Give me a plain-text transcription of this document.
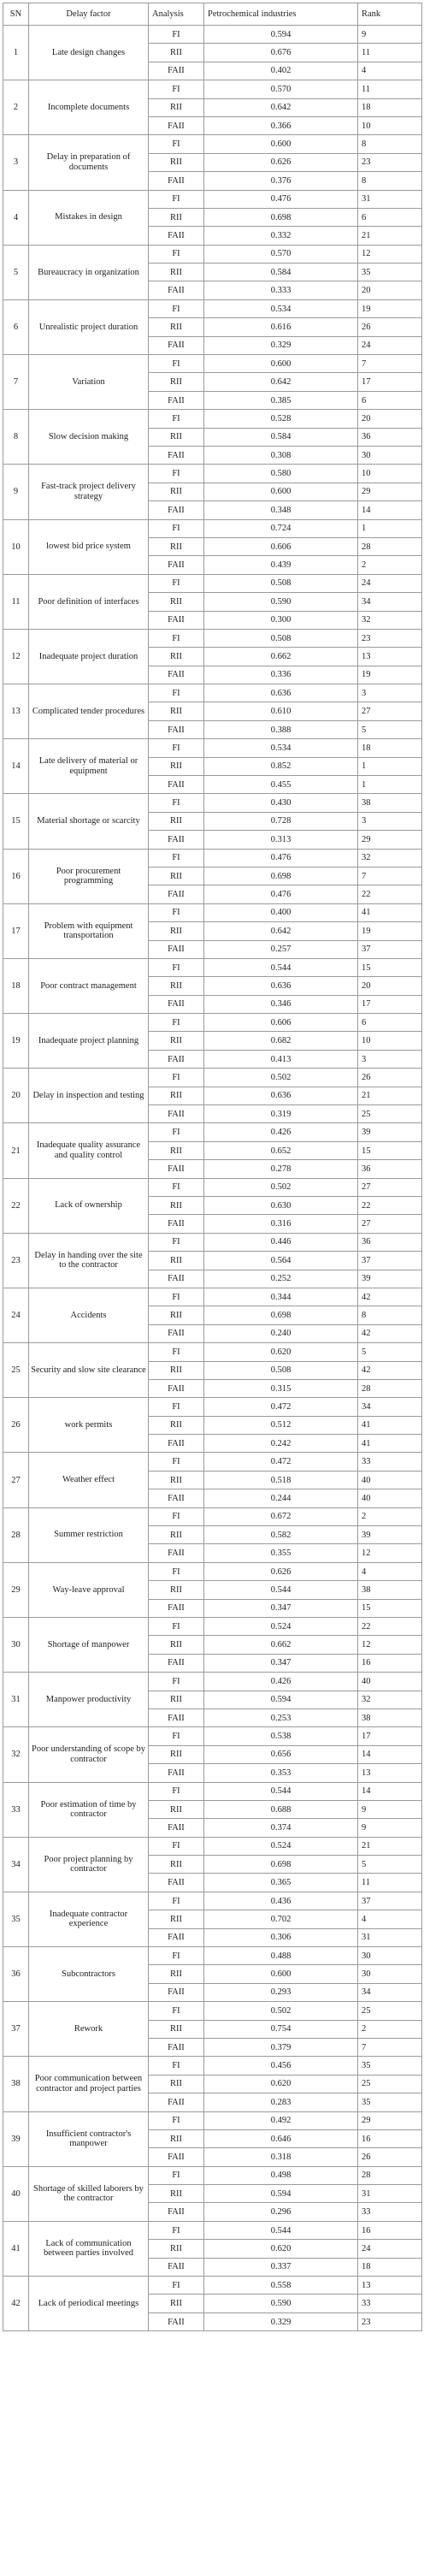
SN	Delay factor	Analysis	Petrochemical industries	Rank
1	Late design changes	FI	0.594	9
		RII	0.676	11
		FAII	0.402	4
2	Incomplete documents	FI	0.570	11
		RII	0.642	18
		FAII	0.366	10
3	Delay in preparation of documents	FI	0.600	8
		RII	0.626	23
		FAII	0.376	8
4	Mistakes in design	FI	0.476	31
		RII	0.698	6
		FAII	0.332	21
5	Bureaucracy in organization	FI	0.570	12
		RII	0.584	35
		FAII	0.333	20
6	Unrealistic project duration	FI	0.534	19
		RII	0.616	26
		FAII	0.329	24
7	Variation	FI	0.600	7
		RII	0.642	17
		FAII	0.385	6
8	Slow decision making	FI	0.528	20
		RII	0.584	36
		FAII	0.308	30
9	Fast-track project delivery strategy	FI	0.580	10
		RII	0.600	29
		FAII	0.348	14
10	lowest bid price system	FI	0.724	1
		RII	0.606	28
		FAII	0.439	2
11	Poor definition of interfaces	FI	0.508	24
		RII	0.590	34
		FAII	0.300	32
12	Inadequate project duration	FI	0.508	23
		RII	0.662	13
		FAII	0.336	19
13	Complicated tender procedures	FI	0.636	3
		RII	0.610	27
		FAII	0.388	5
14	Late delivery of material or equipment	FI	0.534	18
		RII	0.852	1
		FAII	0.455	1
15	Material shortage or scarcity	FI	0.430	38
		RII	0.728	3
		FAII	0.313	29
16	Poor procurement programming	FI	0.476	32
		RII	0.698	7
		FAII	0.476	22
17	Problem with equipment transportation	FI	0.400	41
		RII	0.642	19
		FAII	0.257	37
18	Poor contract management	FI	0.544	15
		RII	0.636	20
		FAII	0.346	17
19	Inadequate project planning	FI	0.606	6
		RII	0.682	10
		FAII	0.413	3
20	Delay in inspection and testing	FI	0.502	26
		RII	0.636	21
		FAII	0.319	25
21	Inadequate quality assurance and quality control	FI	0.426	39
		RII	0.652	15
		FAII	0.278	36
22	Lack of ownership	FI	0.502	27
		RII	0.630	22
		FAII	0.316	27
23	Delay in handing over the site to the contractor	FI	0.446	36
		RII	0.564	37
		FAII	0.252	39
24	Accidents	FI	0.344	42
		RII	0.698	8
		FAII	0.240	42
25	Security and slow site clearance	FI	0.620	5
		RII	0.508	42
		FAII	0.315	28
26	work permits	FI	0.472	34
		RII	0.512	41
		FAII	0.242	41
27	Weather effect	FI	0.472	33
		RII	0.518	40
		FAII	0.244	40
28	Summer restriction	FI	0.672	2
		RII	0.582	39
		FAII	0.355	12
29	Way-leave approval	FI	0.626	4
		RII	0.544	38
		FAII	0.347	15
30	Shortage of manpower	FI	0.524	22
		RII	0.662	12
		FAII	0.347	16
31	Manpower productivity	FI	0.426	40
		RII	0.594	32
		FAII	0.253	38
32	Poor understanding of scope by contractor	FI	0.538	17
		RII	0.656	14
		FAII	0.353	13
33	Poor estimation of time by contractor	FI	0.544	14
		RII	0.688	9
		FAII	0.374	9
34	Poor project planning by contractor	FI	0.524	21
		RII	0.698	5
		FAII	0.365	11
35	Inadequate contractor experience	FI	0.436	37
		RII	0.702	4
		FAII	0.306	31
36	Subcontractors	FI	0.488	30
		RII	0.600	30
		FAII	0.293	34
37	Rework	FI	0.502	25
		RII	0.754	2
		FAII	0.379	7
38	Poor communication between contractor and project parties	FI	0.456	35
		RII	0.620	25
		FAII	0.283	35
39	Insufficient contractor's manpower	FI	0.492	29
		RII	0.646	16
		FAII	0.318	26
40	Shortage of skilled laborers by the contractor	FI	0.498	28
		RII	0.594	31
		FAII	0.296	33
41	Lack of communication between parties involved	FI	0.544	16
		RII	0.620	24
		FAII	0.337	18
42	Lack of periodical meetings	FI	0.558	13
		RII	0.590	33
		FAII	0.329	23
